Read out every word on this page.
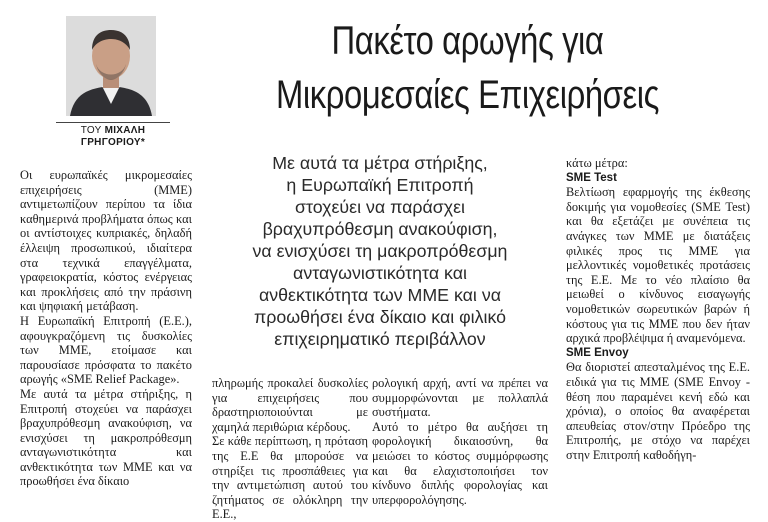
ΤΟΥ ΜΙΧΑΛΗ
ΓΡΗΓΟΡΙΟΥ*
Πακέτο αρωγής για
Μικρομεσαίες Επιχειρήσεις

Οι ευρωπαϊκές μικρομεσαίες επιχειρήσεις (ΜΜΕ) αντιμετωπίζουν περίπου τα ίδια καθημερινά προβλήματα όπως και οι αντίστοιχες κυπριακές, δηλαδή έλλειψη προσωπικού, ιδιαίτερα στα τεχνικά επαγγέλματα, γραφειοκρατία, κόστος ενέργειας και προκλήσεις από την πράσινη και ψηφιακή μετάβαση.

Η Ευρωπαϊκή Επιτροπή (Ε.Ε.), αφουγκραζόμενη τις δυσκολίες των ΜΜΕ, ετοίμασε και παρουσίασε πρόσφατα το πακέτο αρωγής «SME Relief Package».

Με αυτά τα μέτρα στήριξης, η Επιτροπή στοχεύει να παράσχει βραχυπρόθεσμη ανακούφιση, να ενισχύσει τη μακροπρόθεσμη ανταγωνιστικότητα και ανθεκτικότητα των ΜΜΕ και να προωθήσει ένα δίκαιο

Με αυτά τα μέτρα στήριξης,
η Ευρωπαϊκή Επιτροπή
στοχεύει να παράσχει
βραχυπρόθεσμη ανακούφιση,
να ενισχύσει τη μακροπρόθεσμη
ανταγωνιστικότητα και
ανθεκτικότητα των ΜΜΕ και να
προωθήσει ένα δίκαιο και φιλικό
επιχειρηματικό περιβάλλον

πληρωμής προκαλεί δυσκολίες για επιχειρήσεις που δραστηριοποιούνται με χαμηλά περιθώρια κέρδους.

Σε κάθε περίπτωση, η πρόταση της Ε.Ε θα μπορούσε να στηρίξει τις προσπάθειες για την αντιμετώπιση αυτού του ζητήματος σε ολόκληρη την Ε.Ε.,

ρολογική αρχή, αντί να πρέπει να συμμορφώνονται με πολλαπλά συστήματα.

Αυτό το μέτρο θα αυξήσει τη φορολογική δικαιοσύνη, θα μειώσει το κόστος συμμόρφωσης και θα ελαχιστοποιήσει τον κίνδυνο διπλής φορολογίας και υπερφορολόγησης.

κάτω μέτρα:

SME Test

Βελτίωση εφαρμογής της έκθεσης δοκιμής για νομοθεσίες (SME Test) και θα εξετάζει με συνέπεια τις ανάγκες των ΜΜΕ με διατάξεις φιλικές προς τις ΜΜΕ για μελλοντικές νομοθετικές προτάσεις της Ε.Ε. Με το νέο πλαίσιο θα μειωθεί ο κίνδυνος εισαγωγής νομοθετικών σωρευτικών βαρών ή κόστους για τις ΜΜΕ που δεν ήταν αρχικά προβλέψιμα ή αναμενόμενα.

SME Envoy

Θα διοριστεί απεσταλμένος της Ε.Ε. ειδικά για τις ΜΜΕ (SME Envoy - θέση που παραμένει κενή εδώ και χρόνια), ο οποίος θα αναφέρεται απευθείας στον/στην Πρόεδρο της Επιτροπής, με στόχο να παρέχει στην Επιτροπή καθοδήγη-
